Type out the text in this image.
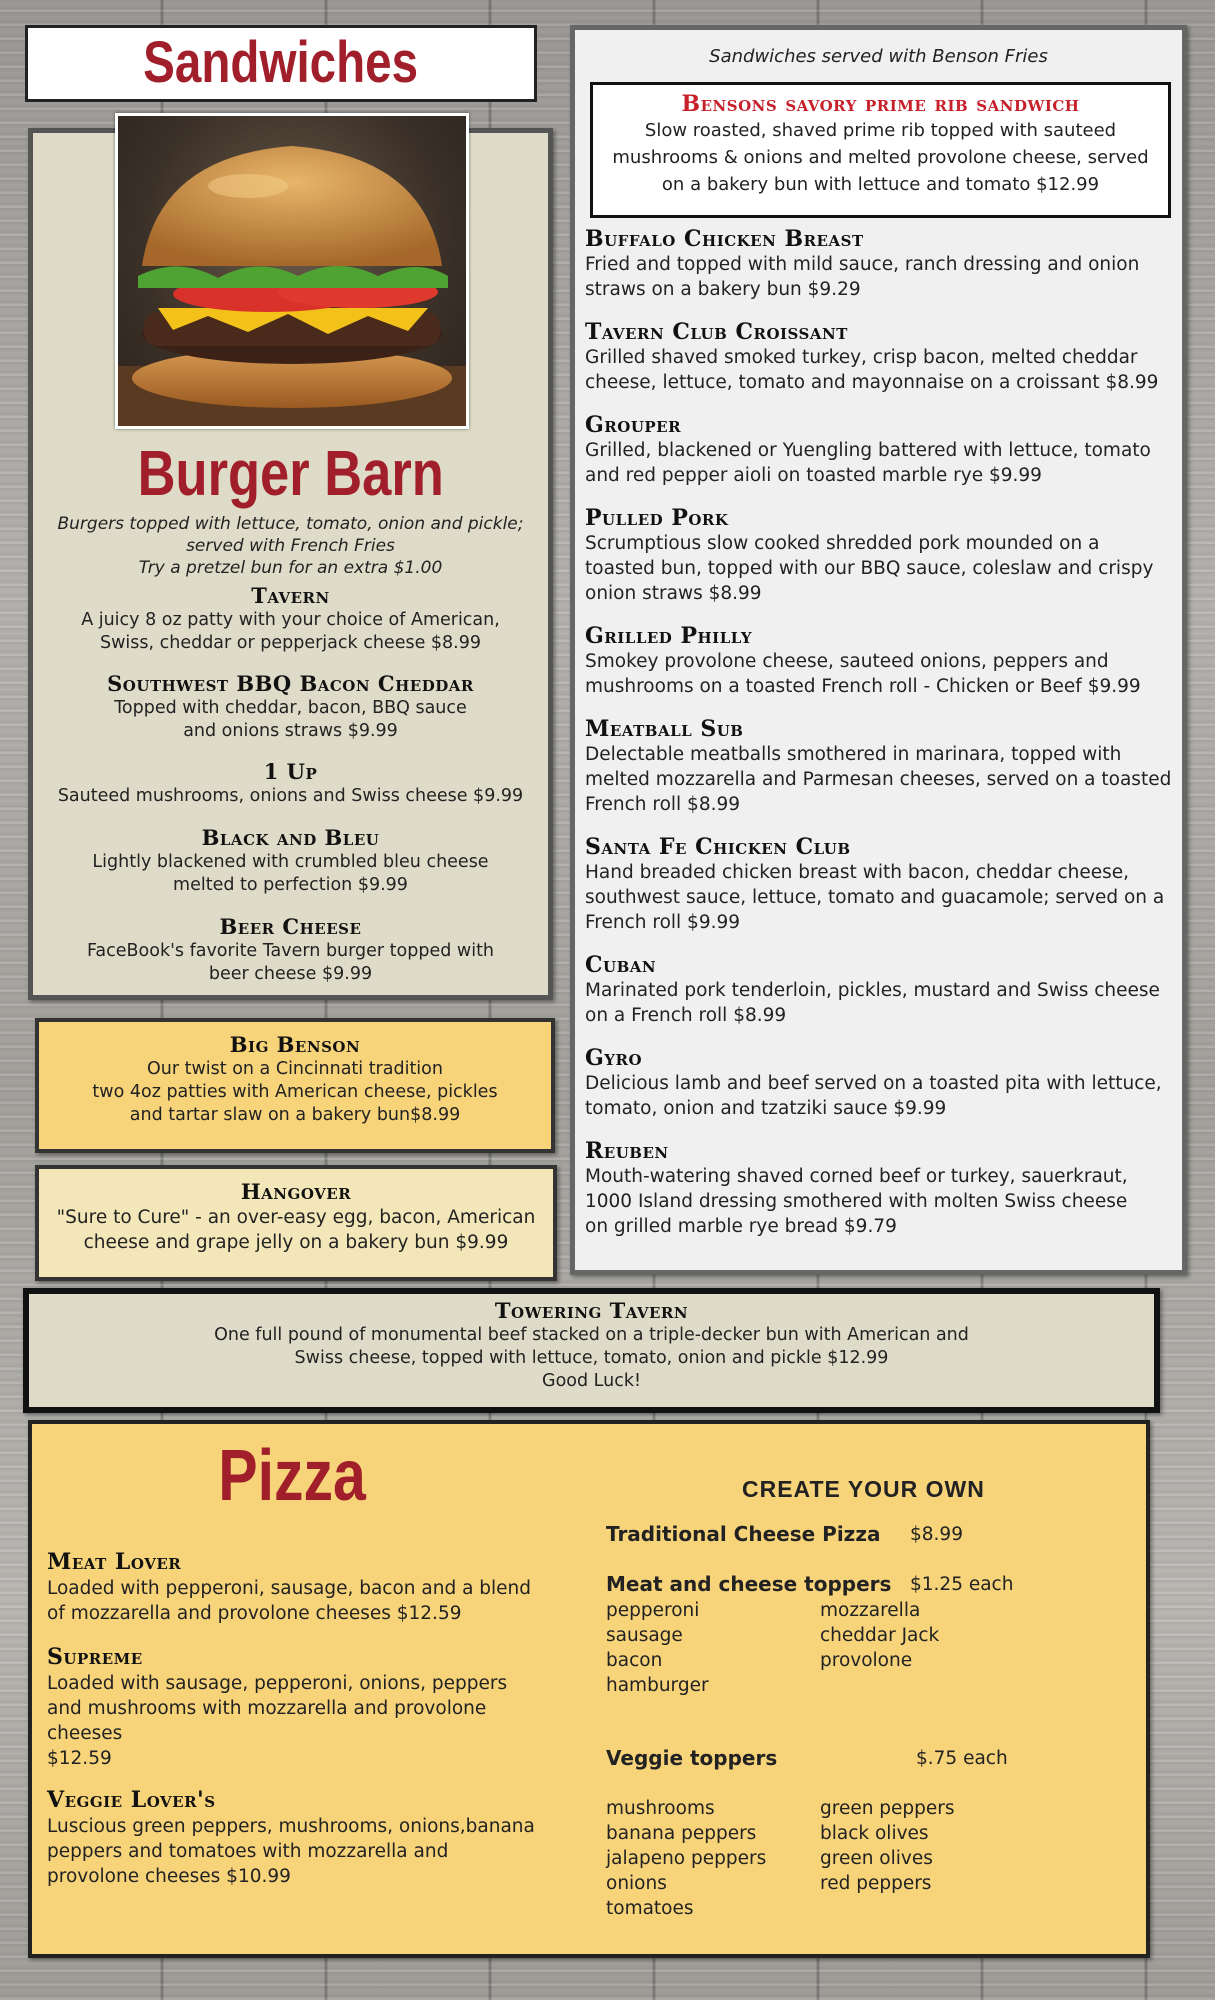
Sandwiches
Burger Barn
Burgers topped with lettuce, tomato, onion and pickle;
served with French Fries
Try a pretzel bun for an extra $1.00
Tavern
A juicy 8 oz patty with your choice of American,
Swiss, cheddar or pepperjack cheese $8.99
Southwest BBQ Bacon Cheddar
Topped with cheddar, bacon, BBQ sauce
and onions straws $9.99
1 Up
Sauteed mushrooms, onions and Swiss cheese $9.99
Black and Bleu
Lightly blackened with crumbled bleu cheese
melted to perfection $9.99
Beer Cheese
FaceBook's favorite Tavern burger topped with
beer cheese $9.99
Big Benson
Our twist on a Cincinnati tradition
two 4oz patties with American cheese, pickles
and tartar slaw on a bakery bun$8.99
Hangover
"Sure to Cure" - an over-easy egg, bacon, American
cheese and grape jelly on a bakery bun $9.99
Sandwiches served with Benson Fries
Bensons savory prime rib sandwich
Slow roasted, shaved prime rib topped with sauteed
mushrooms & onions and melted provolone cheese, served
on a bakery bun with lettuce and tomato $12.99
Buffalo Chicken Breast
Fried and topped with mild sauce, ranch dressing and onion
straws on a bakery bun $9.29
Tavern Club Croissant
Grilled shaved smoked turkey, crisp bacon, melted cheddar
cheese, lettuce, tomato and mayonnaise on a croissant $8.99
Grouper
Grilled, blackened or Yuengling battered with lettuce, tomato
and red pepper aioli on toasted marble rye $9.99
Pulled Pork
Scrumptious slow cooked shredded pork mounded on a
toasted bun, topped with our BBQ sauce, coleslaw and crispy
onion straws $8.99
Grilled Philly
Smokey provolone cheese, sauteed onions, peppers and
mushrooms on a toasted French roll - Chicken or Beef $9.99
Meatball Sub
Delectable meatballs smothered in marinara, topped with
melted mozzarella and Parmesan cheeses, served on a toasted
French roll $8.99
Santa Fe Chicken Club
Hand breaded chicken breast with bacon, cheddar cheese,
southwest sauce, lettuce, tomato and guacamole; served on a
French roll $9.99
Cuban
Marinated pork tenderloin, pickles, mustard and Swiss cheese
on a French roll $8.99
Gyro
Delicious lamb and beef served on a toasted pita with lettuce,
tomato, onion and tzatziki sauce $9.99
Reuben
Mouth-watering shaved corned beef or turkey, sauerkraut,
1000 Island dressing smothered with molten Swiss cheese
on grilled marble rye bread $9.79
Towering Tavern
One full pound of monumental beef stacked on a triple-decker bun with American and
Swiss cheese, topped with lettuce, tomato, onion and pickle $12.99
Good Luck!
Pizza
Meat Lover
Loaded with pepperoni, sausage, bacon and a blend
of mozzarella and provolone cheeses $12.59
Supreme
Loaded with sausage, pepperoni, onions, peppers
and mushrooms with mozzarella and provolone
cheeses
$12.59
Veggie Lover's
Luscious green peppers, mushrooms, onions,banana
peppers and tomatoes with mozzarella and
provolone cheeses $10.99
CREATE YOUR OWN
Traditional Cheese Pizza $8.99
Meat and cheese toppers $1.25 each
pepperoni
sausage
bacon
hamburger
mozzarella
cheddar Jack
provolone
Veggie toppers	$.75 each
mushrooms
banana peppers
jalapeno peppers
onions
tomatoes
green peppers
black olives
green olives
red peppers
